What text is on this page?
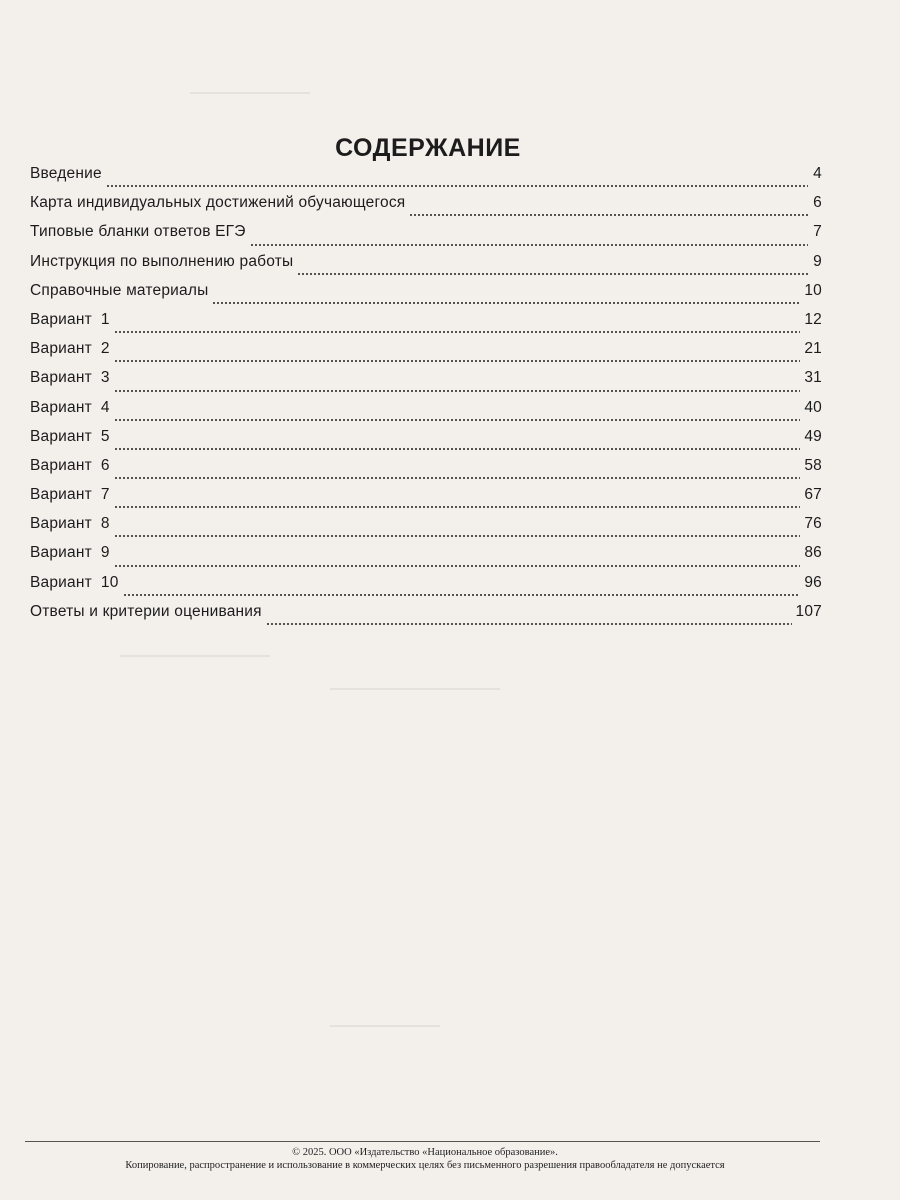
СОДЕРЖАНИЕ
Введение	4
Карта индивидуальных достижений обучающегося	6
Типовые бланки ответов ЕГЭ	7
Инструкция по выполнению работы	9
Справочные материалы	10
Вариант  1	12
Вариант  2	21
Вариант  3	31
Вариант  4	40
Вариант  5	49
Вариант  6	58
Вариант  7	67
Вариант  8	76
Вариант  9	86
Вариант  10	96
Ответы и критерии оценивания	107
© 2025. ООО «Издательство «Национальное образование».
Копирование, распространение и использование в коммерческих целях без письменного разрешения правообладателя не допускается
